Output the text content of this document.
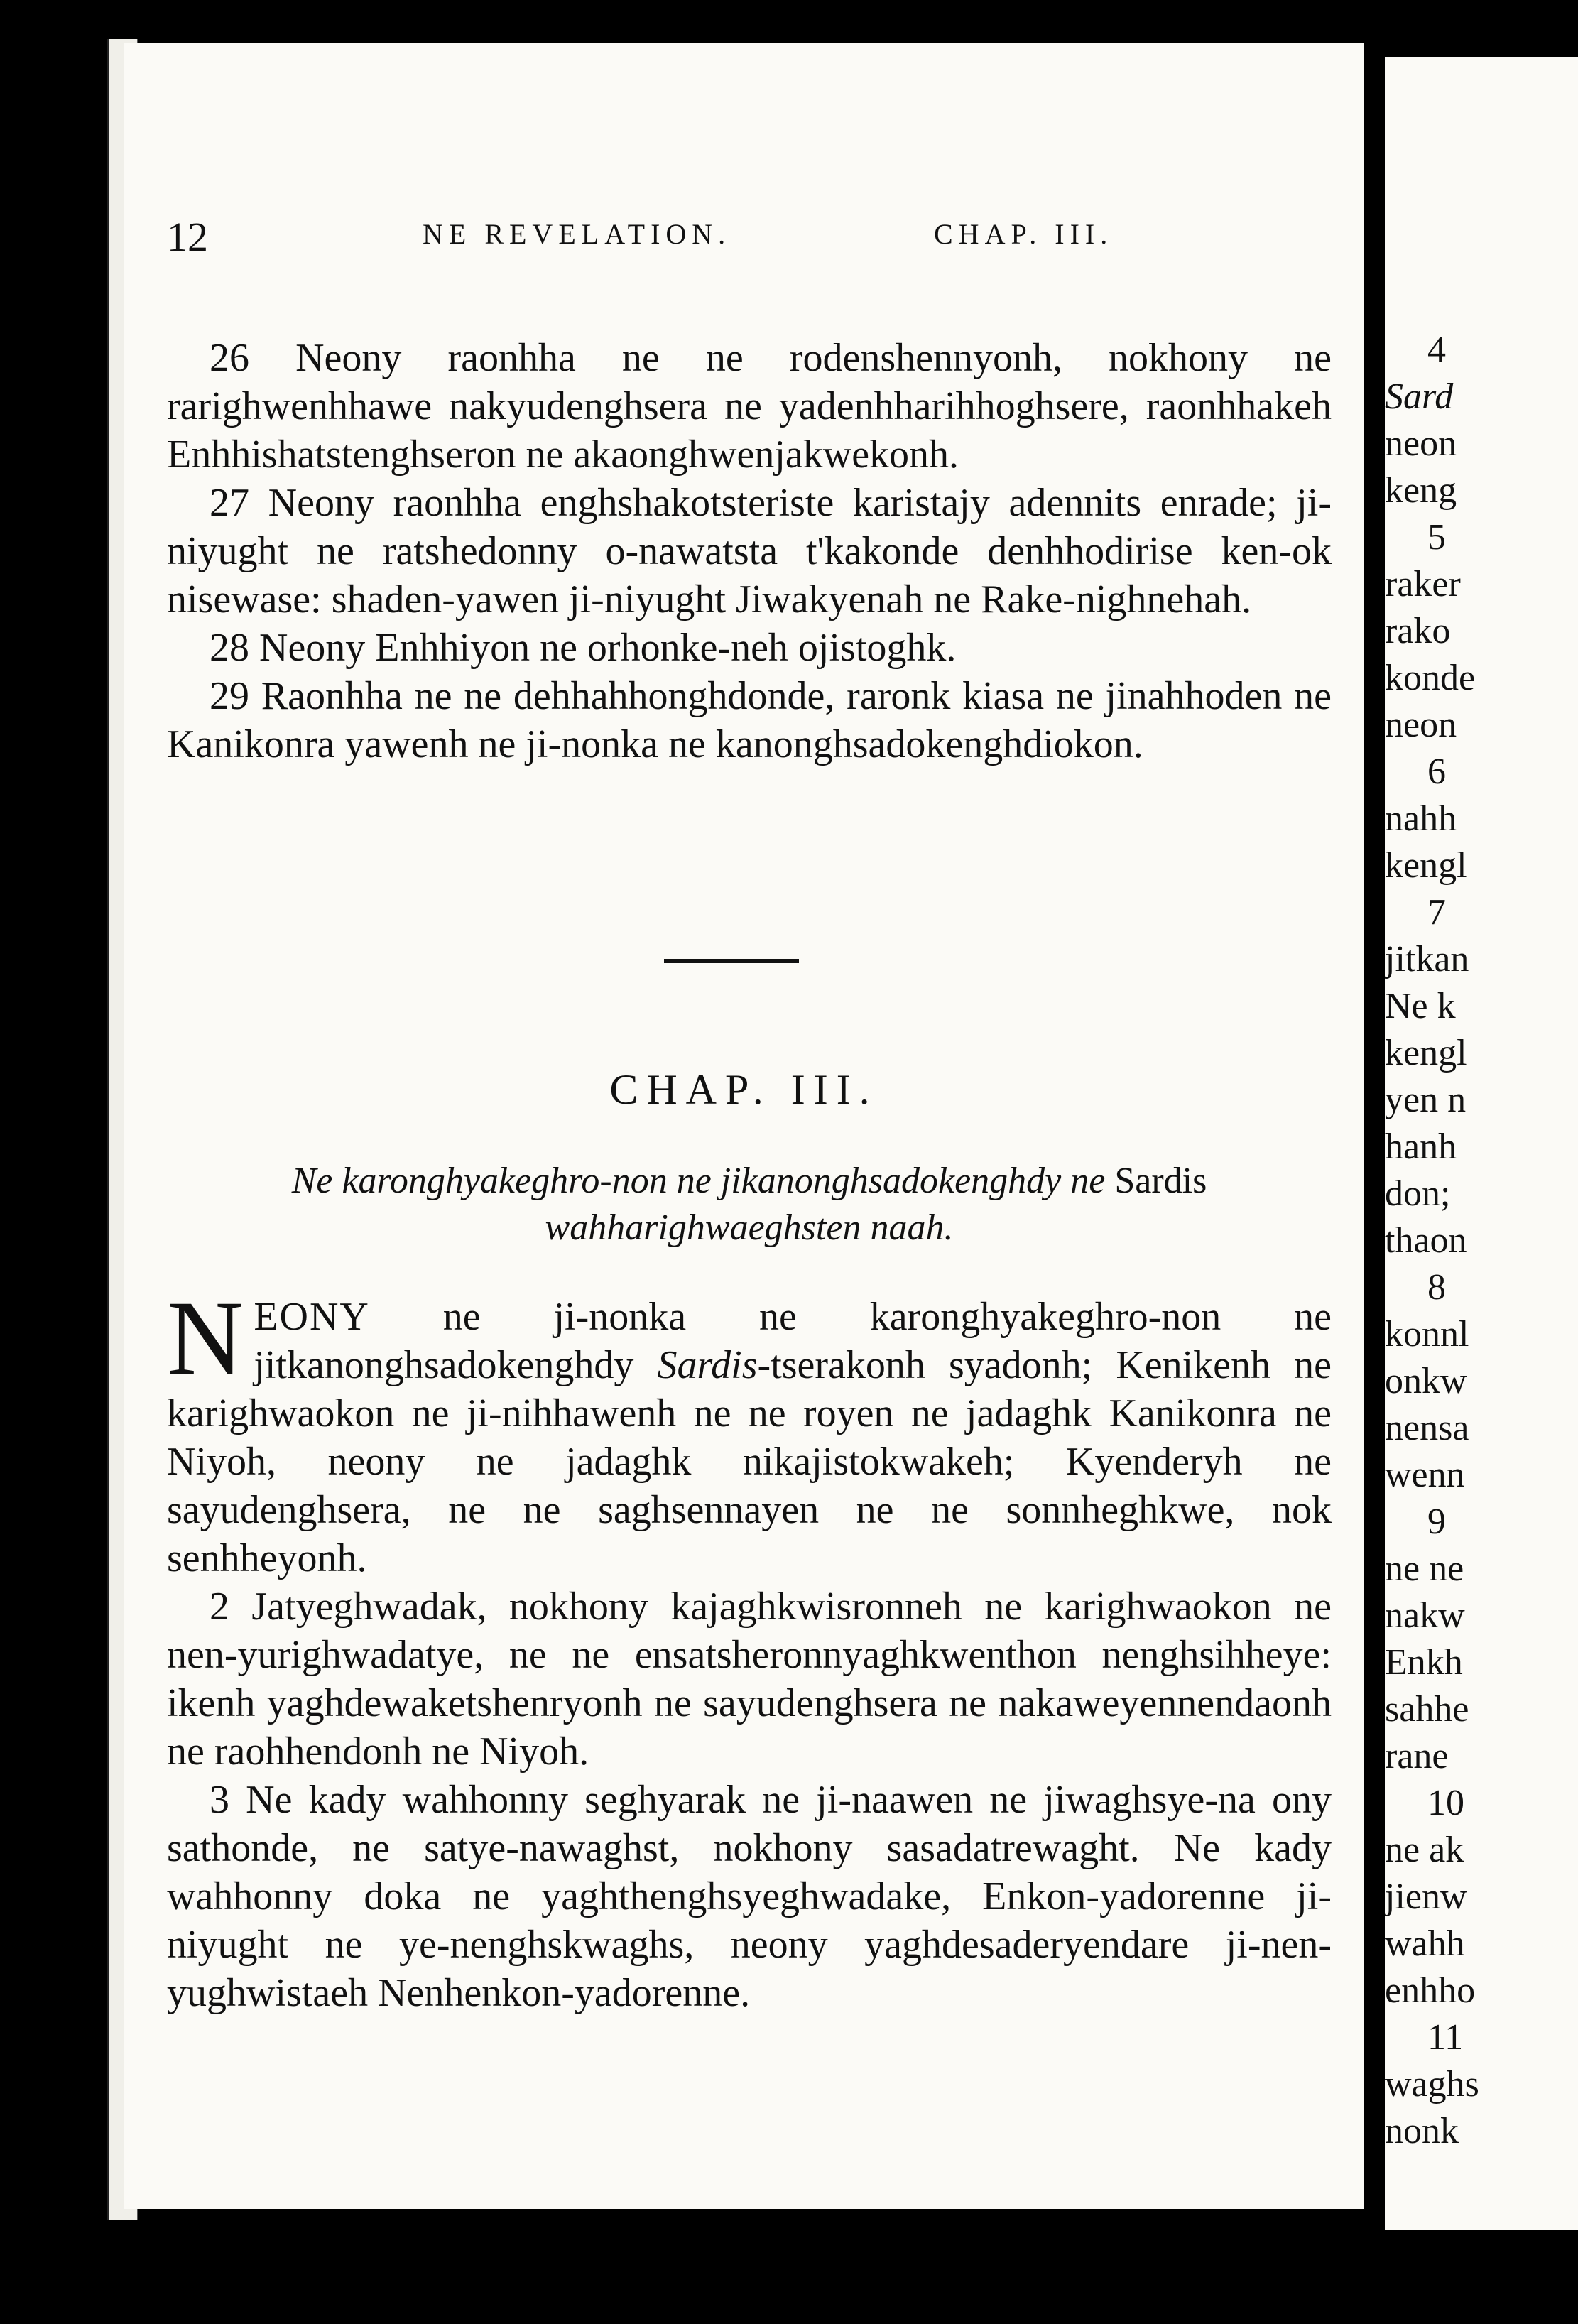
12	NE REVELATION.	CHAP. III.

26 Neony raonhha ne ne rodenshennyonh, nokhony ne rarighwenhhawe nakyudenghsera ne yadenhharihhoghsere, raonhhakeh Enhhishatstenghseron ne akaonghwenjakwekonh.

27 Neony raonhha enghshakotsteriste karistajy adennits enrade; ji-niyught ne ratshedonny o-nawatsta t'kakonde denhhodirise ken-ok nisewase: shaden-yawen ji-niyught Jiwakyenah ne Rake-nighnehah.

28 Neony Enhhiyon ne orhonke-neh ojistoghk.

29 Raonhha ne ne dehhahhonghdonde, raronk kiasa ne jinahhoden ne Kanikonra yawenh ne ji-nonka ne kanonghsadokenghdiokon.

CHAP. III.
Ne karonghyakeghro-non ne jikanonghsadokenghdy ne Sardis
wahharighwaeghsten naah.

NEONY ne ji-nonka ne karonghyakeghro-non ne jitkanonghsadokenghdy Sardis-tserakonh syadonh; Kenikenh ne karighwaokon ne ji-nihhawenh ne ne royen ne jadaghk Kanikonra ne Niyoh, neony ne jadaghk nikajistokwakeh; Kyenderyh ne sayudenghsera, ne ne saghsennayen ne ne sonnheghkwe, nok senhheyonh.

2 Jatyeghwadak, nokhony kajaghkwisronneh ne karighwaokon ne nen-yurighwadatye, ne ne ensatsheronnyaghkwenthon nenghsihheye: ikenh yaghdewaketshenryonh ne sayudenghsera ne nakaweyennendaonh ne raohhendonh ne Niyoh.

3 Ne kady wahhonny seghyarak ne ji-naawen ne jiwaghsye-na ony sathonde, ne satye-nawaghst, nokhony sasadatrewaght. Ne kady wahhonny doka ne yaghthenghsyeghwadake, Enkon-yadorenne ji-niyught ne ye-nenghskwaghs, neony yaghdesaderyendare ji-nen-yughwistaeh Nenhenkon-yadorenne.

4
Sard
neon
keng
5
raker
rako
konde
neon
6
nahh
kengl
7
jitkan
Ne k
kengl
yen n
hanh
don;
thaon
8
konnl
onkw
nensa
wenn
9
ne ne
nakw
Enkh
sahhe
rane
10
ne ak
jienw
wahh
enhho
11
waghs
nonk
